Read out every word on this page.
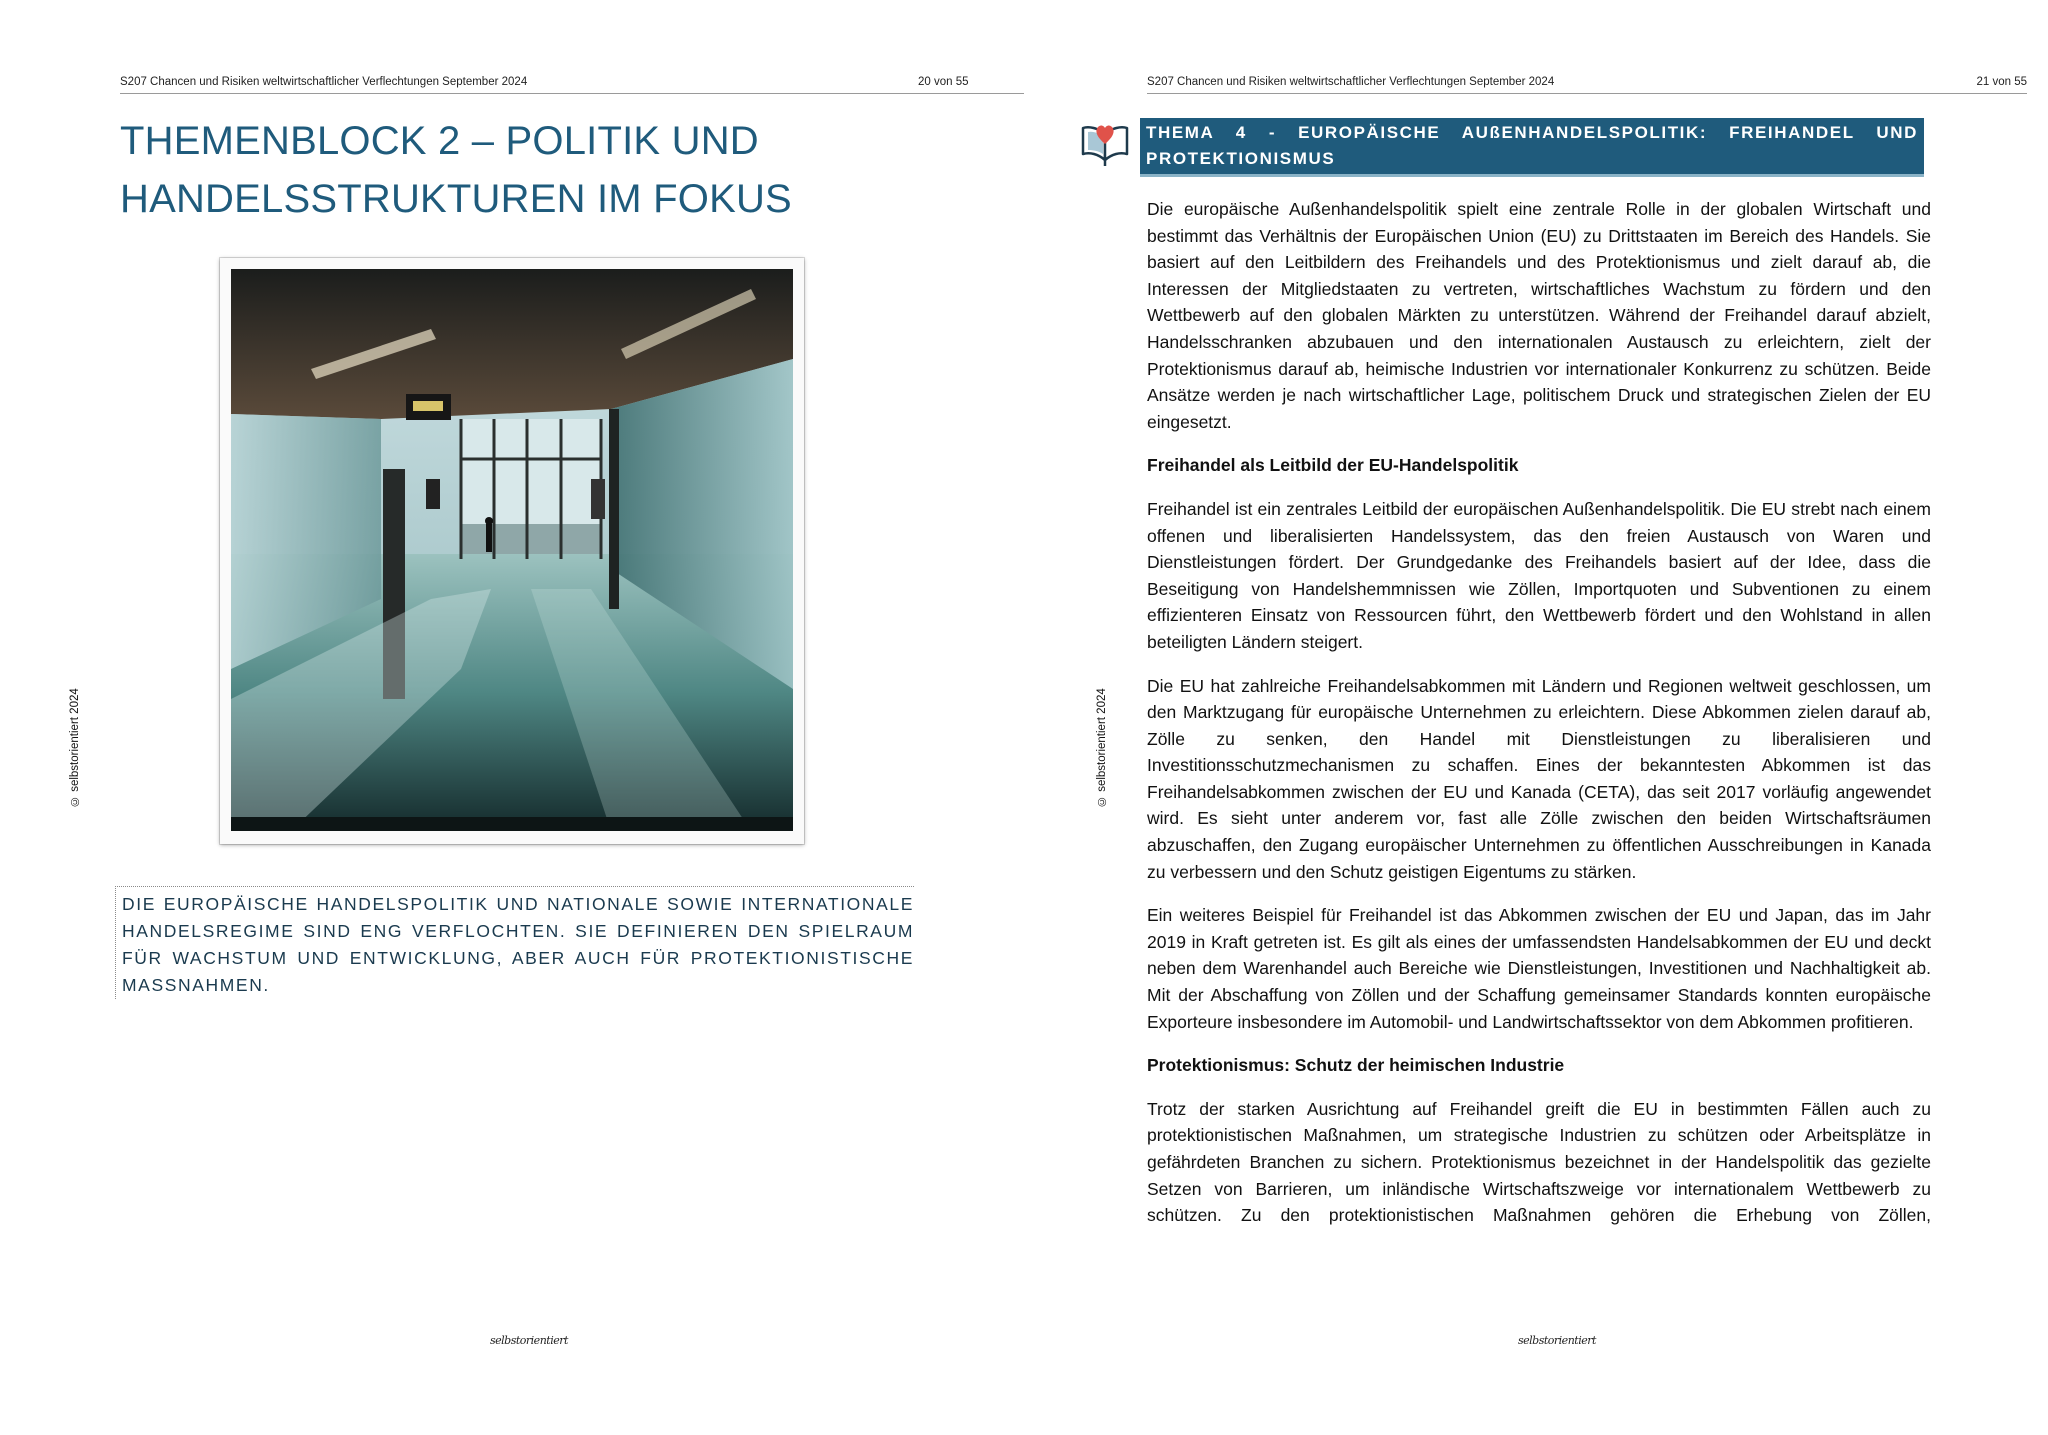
S207 Chancen und Risiken weltwirtschaftlicher Verflechtungen September 2024	20 von 55
THEMENBLOCK 2 – POLITIK UND
HANDELSSTRUKTUREN IM FOKUS
DIE EUROPÄISCHE HANDELSPOLITIK UND NATIONALE SOWIE INTERNATIONALE HANDELSREGIME SIND ENG VERFLOCHTEN. SIE DEFINIEREN DEN SPIELRAUM FÜR WACHSTUM UND ENTWICKLUNG, ABER AUCH FÜR PROTEKTIONISTISCHE MASSNAHMEN.
© selbstorientiert 2024
selbstorientiert
S207 Chancen und Risiken weltwirtschaftlicher Verflechtungen September 2024	21 von 55
THEMA 4 - EUROPÄISCHE AUßENHANDELSPOLITIK: FREIHANDEL UND PROTEKTIONISMUS

Die europäische Außenhandelspolitik spielt eine zentrale Rolle in der globalen Wirtschaft und bestimmt das Verhältnis der Europäischen Union (EU) zu Drittstaaten im Bereich des Handels. Sie basiert auf den Leitbildern des Freihandels und des Protektionismus und zielt darauf ab, die Interessen der Mitgliedstaaten zu vertreten, wirtschaftliches Wachstum zu fördern und den Wettbewerb auf den globalen Märkten zu unterstützen. Während der Freihandel darauf abzielt, Handelsschranken abzubauen und den internationalen Austausch zu erleichtern, zielt der Protektionismus darauf ab, heimische Industrien vor internationaler Konkurrenz zu schützen. Beide Ansätze werden je nach wirtschaftlicher Lage, politischem Druck und strategischen Zielen der EU eingesetzt.

Freihandel als Leitbild der EU-Handelspolitik

Freihandel ist ein zentrales Leitbild der europäischen Außenhandelspolitik. Die EU strebt nach einem offenen und liberalisierten Handelssystem, das den freien Austausch von Waren und Dienstleistungen fördert. Der Grundgedanke des Freihandels basiert auf der Idee, dass die Beseitigung von Handelshemmnissen wie Zöllen, Importquoten und Subventionen zu einem effizienteren Einsatz von Ressourcen führt, den Wettbewerb fördert und den Wohlstand in allen beteiligten Ländern steigert.

Die EU hat zahlreiche Freihandelsabkommen mit Ländern und Regionen weltweit geschlossen, um den Marktzugang für europäische Unternehmen zu erleichtern. Diese Abkommen zielen darauf ab, Zölle zu senken, den Handel mit Dienstleistungen zu liberalisieren und Investitionsschutzmechanismen zu schaffen. Eines der bekanntesten Abkommen ist das Freihandelsabkommen zwischen der EU und Kanada (CETA), das seit 2017 vorläufig angewendet wird. Es sieht unter anderem vor, fast alle Zölle zwischen den beiden Wirtschaftsräumen abzuschaffen, den Zugang europäischer Unternehmen zu öffentlichen Ausschreibungen in Kanada zu verbessern und den Schutz geistigen Eigentums zu stärken.

Ein weiteres Beispiel für Freihandel ist das Abkommen zwischen der EU und Japan, das im Jahr 2019 in Kraft getreten ist. Es gilt als eines der umfassendsten Handelsabkommen der EU und deckt neben dem Warenhandel auch Bereiche wie Dienstleistungen, Investitionen und Nachhaltigkeit ab. Mit der Abschaffung von Zöllen und der Schaffung gemeinsamer Standards konnten europäische Exporteure insbesondere im Automobil- und Landwirtschaftssektor von dem Abkommen profitieren.

Protektionismus: Schutz der heimischen Industrie

Trotz der starken Ausrichtung auf Freihandel greift die EU in bestimmten Fällen auch zu protektionistischen Maßnahmen, um strategische Industrien zu schützen oder Arbeitsplätze in gefährdeten Branchen zu sichern. Protektionismus bezeichnet in der Handelspolitik das gezielte Setzen von Barrieren, um inländische Wirtschaftszweige vor internationalem Wettbewerb zu schützen. Zu den protektionistischen Maßnahmen gehören die Erhebung von Zöllen,

© selbstorientiert 2024
selbstorientiert
